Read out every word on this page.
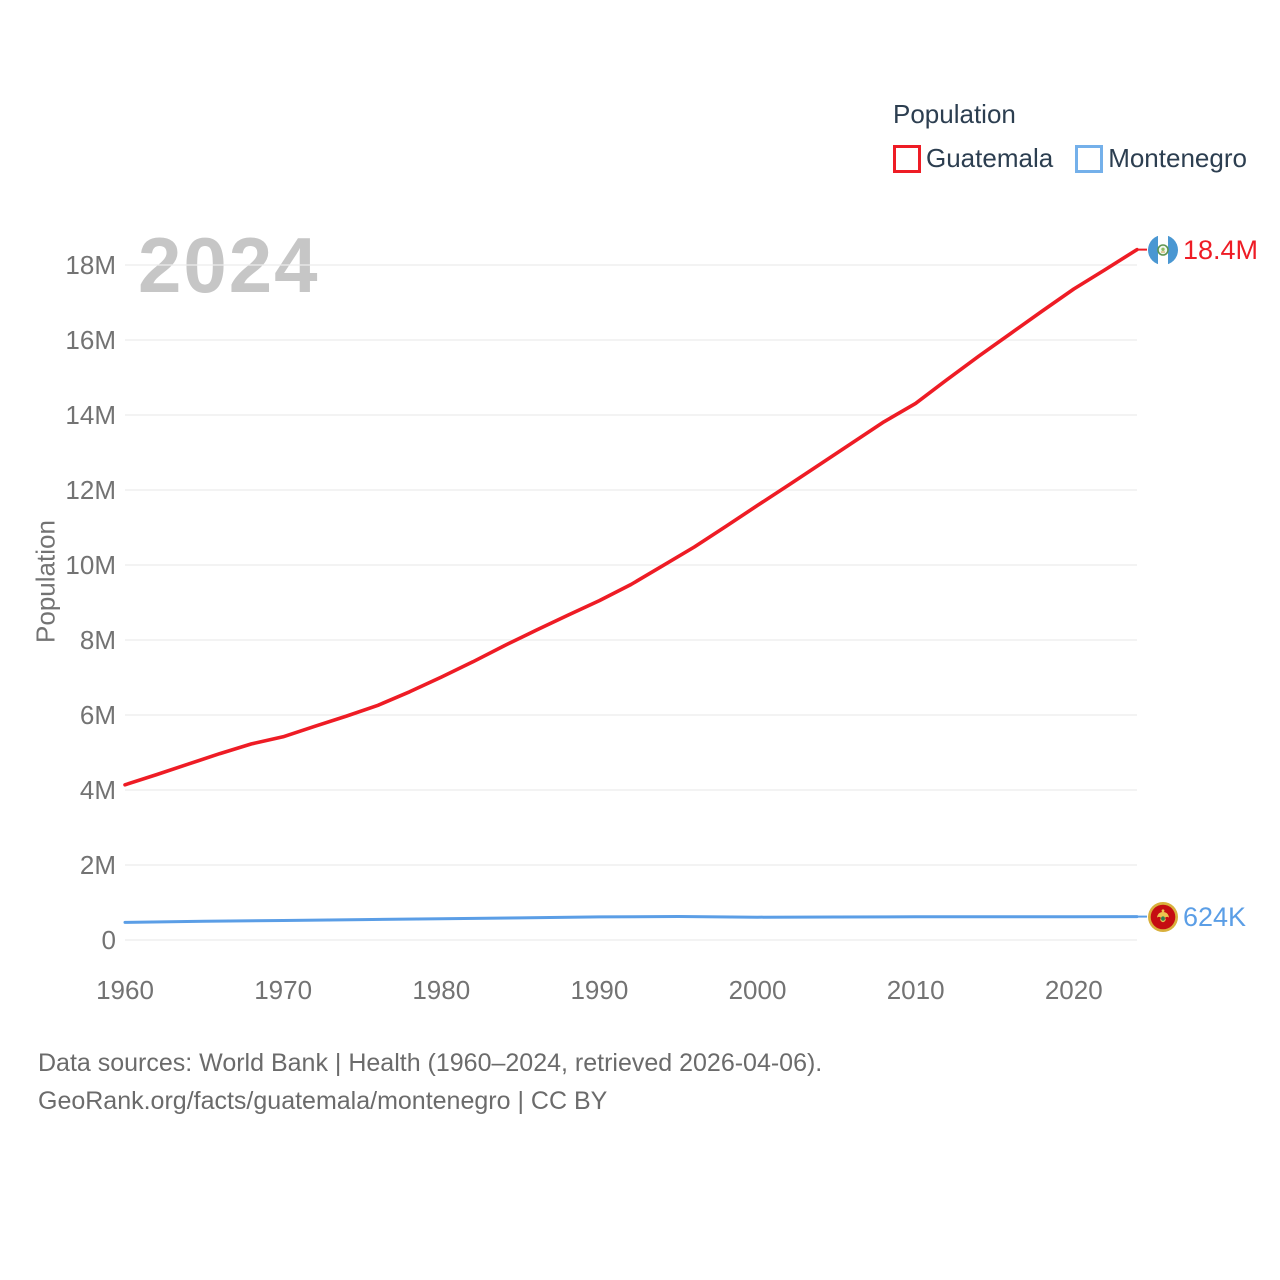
2024
0
2M
4M
6M
8M
10M
12M
14M
16M
18M
1960	1970	1980	1990	2000	2010	2020
Population
Guatemala Montenegro
Population
18.4M
624K
Data sources: World Bank | Health (1960–2024, retrieved 2026-04-06).
GeoRank.org/facts/guatemala/montenegro | CC BY
